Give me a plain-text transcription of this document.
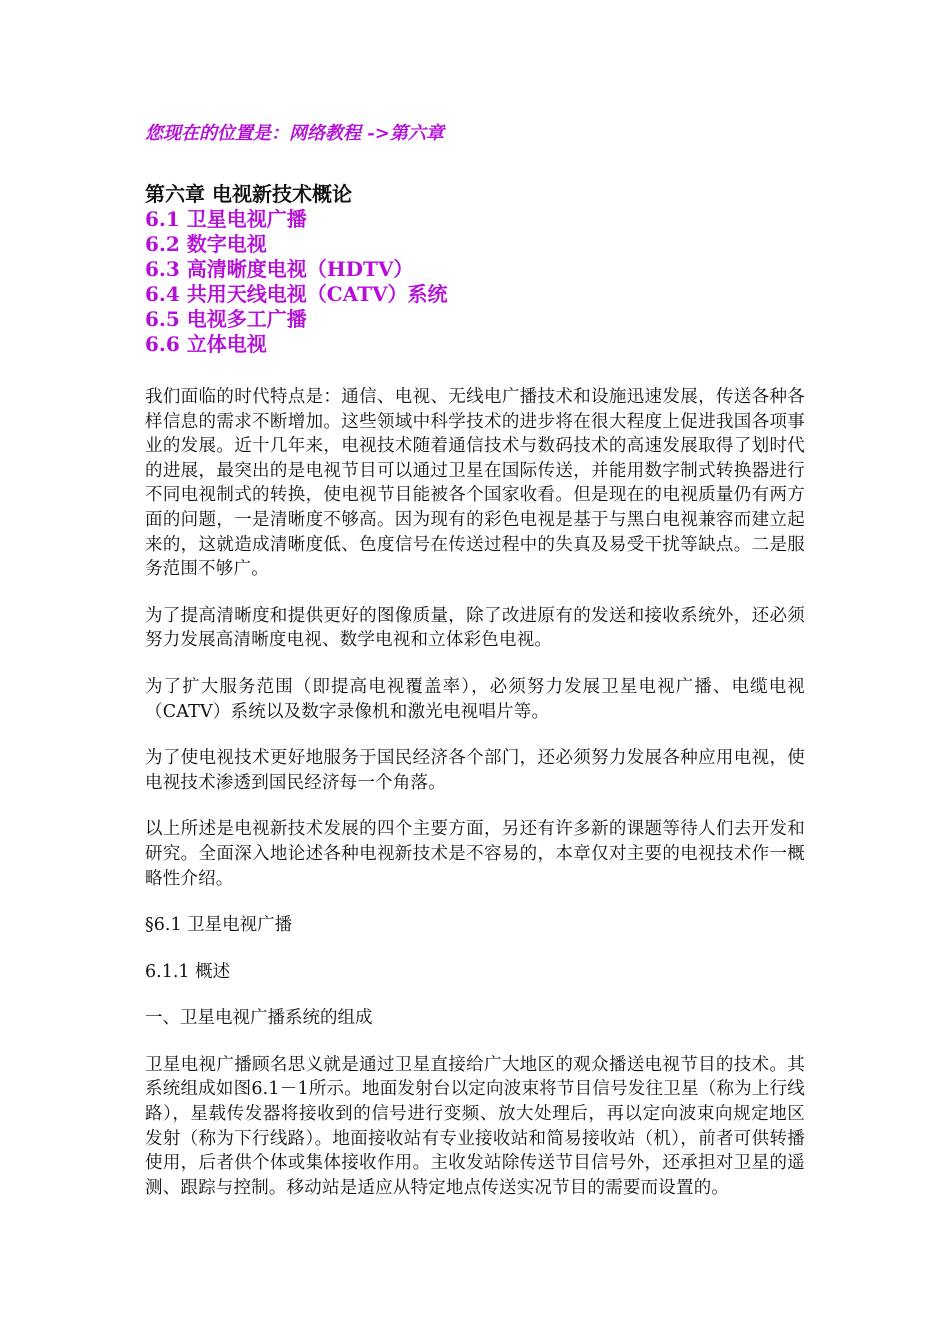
您现在的位置是：网络教程 ->第六章
第六章 电视新技术概论
6.1 卫星电视广播
6.2 数字电视
6.3 高清晰度电视（HDTV）
6.4 共用天线电视（CATV）系统
6.5 电视多工广播
6.6 立体电视

我们面临的时代特点是：通信、电视、无线电广播技术和设施迅速发展，传送各种各样信息的需求不断增加。这些领域中科学技术的进步将在很大程度上促进我国各项事业的发展。近十几年来，电视技术随着通信技术与数码技术的高速发展取得了划时代的进展，最突出的是电视节目可以通过卫星在国际传送，并能用数字制式转换器进行不同电视制式的转换，使电视节目能被各个国家收看。但是现在的电视质量仍有两方面的问题，一是清晰度不够高。因为现有的彩色电视是基于与黑白电视兼容而建立起来的，这就造成清晰度低、色度信号在传送过程中的失真及易受干扰等缺点。二是服务范围不够广。

为了提高清晰度和提供更好的图像质量，除了改进原有的发送和接收系统外，还必须努力发展高清晰度电视、数学电视和立体彩色电视。

为了扩大服务范围（即提高电视覆盖率），必须努力发展卫星电视广播、电缆电视（CATV）系统以及数字录像机和激光电视唱片等。

为了使电视技术更好地服务于国民经济各个部门，还必须努力发展各种应用电视，使电视技术渗透到国民经济每一个角落。

以上所述是电视新技术发展的四个主要方面，另还有许多新的课题等待人们去开发和研究。全面深入地论述各种电视新技术是不容易的，本章仅对主要的电视技术作一概略性介绍。

§6.1 卫星电视广播

6.1.1 概述

一、卫星电视广播系统的组成

卫星电视广播顾名思义就是通过卫星直接给广大地区的观众播送电视节目的技术。其系统组成如图6.1－1所示。地面发射台以定向波束将节目信号发往卫星（称为上行线路），星载传发器将接收到的信号进行变频、放大处理后，再以定向波束向规定地区发射（称为下行线路）。地面接收站有专业接收站和简易接收站（机），前者可供转播使用，后者供个体或集体接收作用。主收发站除传送节目信号外，还承担对卫星的遥测、跟踪与控制。移动站是适应从特定地点传送实况节目的需要而设置的。
